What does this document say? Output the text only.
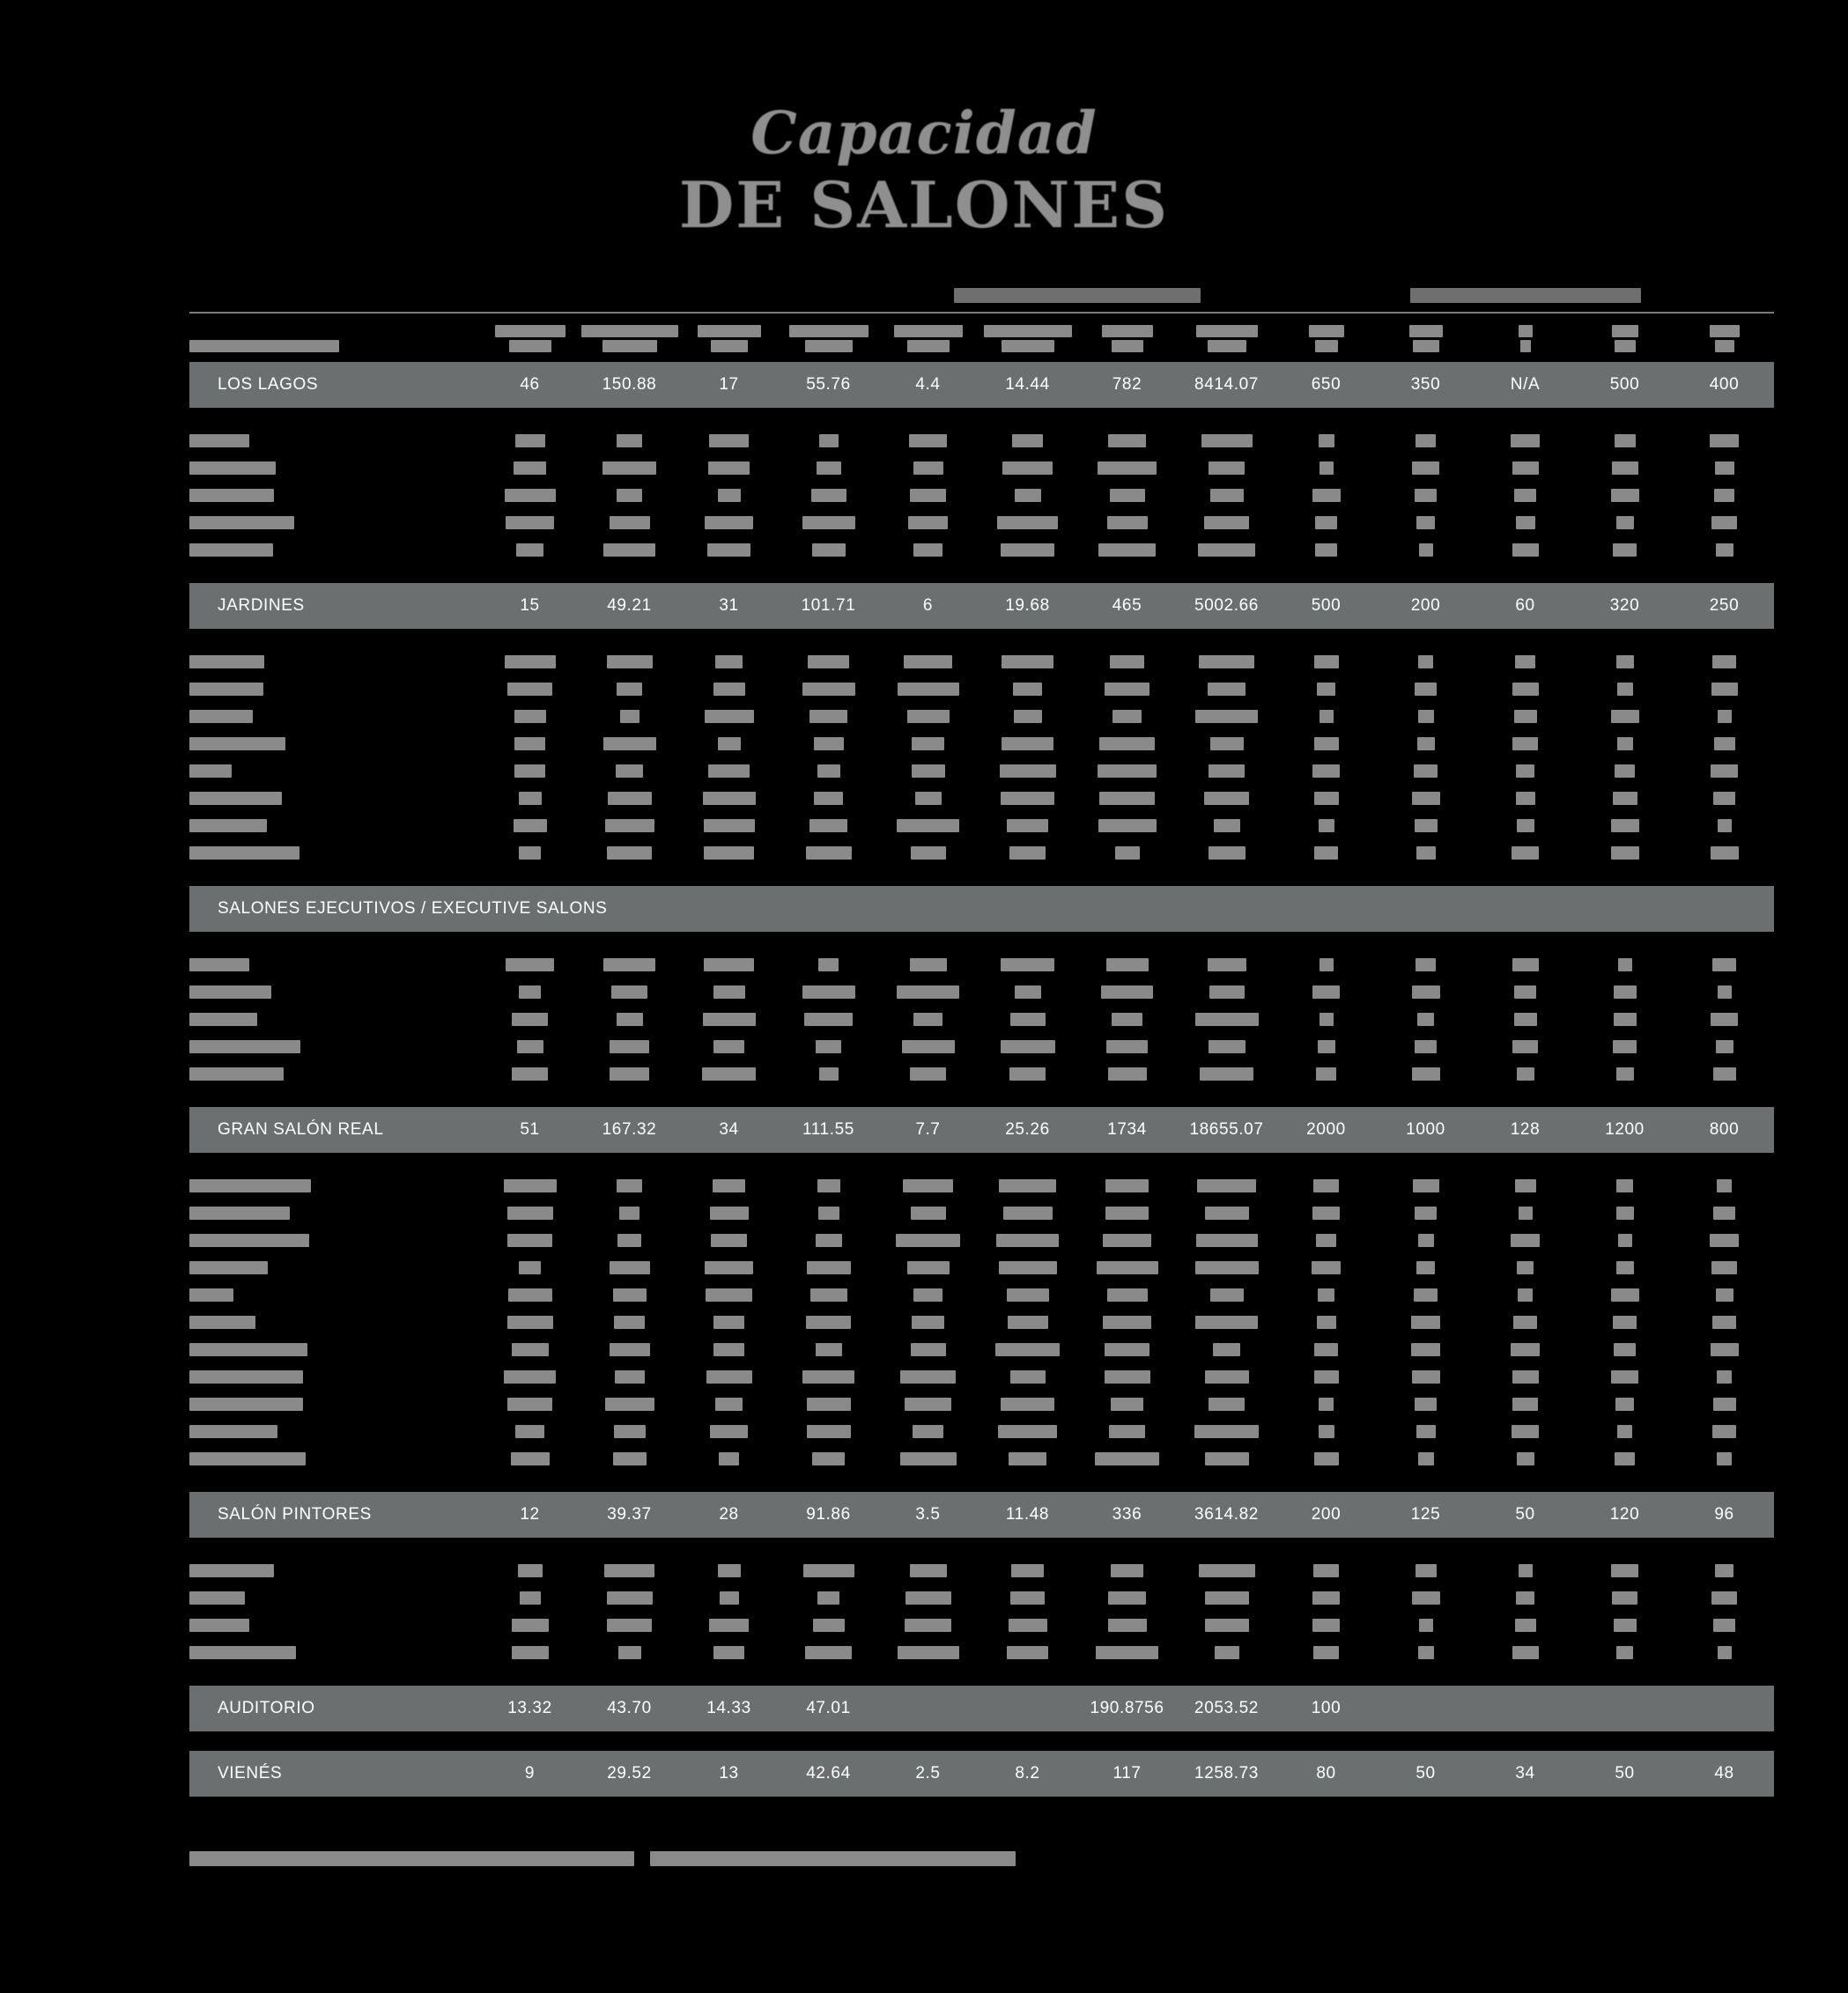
Capacidad
DE SALONES

LOS LAGOS	46	150.88	17	55.76	4.4	14.44	782	8414.07	650	350	N/A	500	400

JARDINES	15	49.21	31	101.71	6	19.68	465	5002.66	500	200	60	320	250

SALONES EJECUTIVOS / EXECUTIVE SALONS													

GRAN SALÓN REAL	51	167.32	34	111.55	7.7	25.26	1734	18655.07	2000	1000	128	1200	800

SALÓN PINTORES	12	39.37	28	91.86	3.5	11.48	336	3614.82	200	125	50	120	96

AUDITORIO	13.32	43.70	14.33	47.01			190.8756	2053.52	100				

VIENÉS	9	29.52	13	42.64	2.5	8.2	117	1258.73	80	50	34	50	48
